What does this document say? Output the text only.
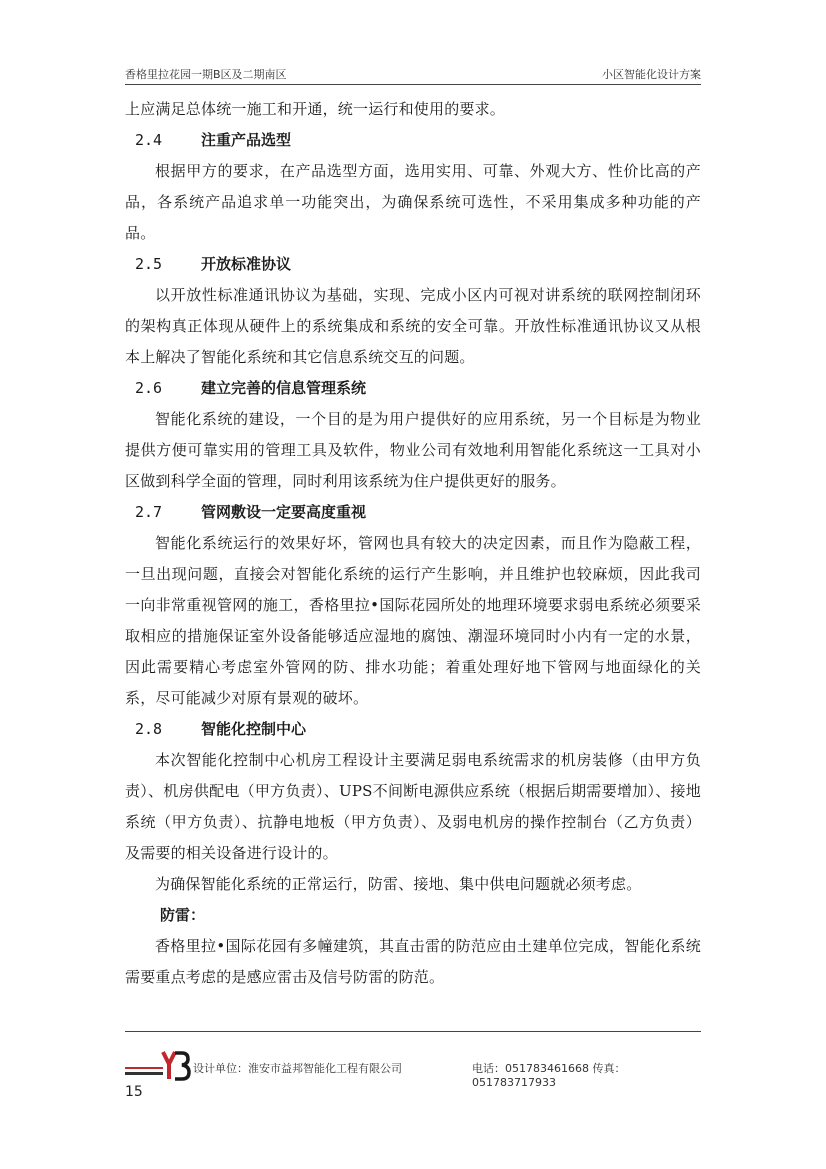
香格里拉花园一期B区及二期南区	小区智能化设计方案

上应满足总体统一施工和开通，统一运行和使用的要求。

2.4	注重产品选型

根据甲方的要求，在产品选型方面，选用实用、可靠、外观大方、性价比高的产品，各系统产品追求单一功能突出，为确保系统可选性，不采用集成多种功能的产品。

2.5	开放标准协议

以开放性标准通讯协议为基础，实现、完成小区内可视对讲系统的联网控制闭环的架构真正体现从硬件上的系统集成和系统的安全可靠。开放性标准通讯协议又从根本上解决了智能化系统和其它信息系统交互的问题。

2.6	建立完善的信息管理系统

智能化系统的建设，一个目的是为用户提供好的应用系统，另一个目标是为物业提供方便可靠实用的管理工具及软件，物业公司有效地利用智能化系统这一工具对小区做到科学全面的管理，同时利用该系统为住户提供更好的服务。

2.7	管网敷设一定要高度重视

智能化系统运行的效果好坏，管网也具有较大的决定因素，而且作为隐蔽工程，一旦出现问题，直接会对智能化系统的运行产生影响，并且维护也较麻烦，因此我司一向非常重视管网的施工，香格里拉•国际花园所处的地理环境要求弱电系统必须要采取相应的措施保证室外设备能够适应湿地的腐蚀、潮湿环境同时小内有一定的水景，因此需要精心考虑室外管网的防、排水功能；着重处理好地下管网与地面绿化的关系，尽可能减少对原有景观的破坏。

2.8	智能化控制中心

本次智能化控制中心机房工程设计主要满足弱电系统需求的机房装修（由甲方负责）、机房供配电（甲方负责）、UPS不间断电源供应系统（根据后期需要增加）、接地系统（甲方负责）、抗静电地板（甲方负责）、及弱电机房的操作控制台（乙方负责）及需要的相关设备进行设计的。

为确保智能化系统的正常运行，防雷、接地、集中供电问题就必须考虑。

防雷：

香格里拉•国际花园有多幢建筑，其直击雷的防范应由土建单位完成，智能化系统需要重点考虑的是感应雷击及信号防雷的防范。

设计单位：淮安市益邦智能化工程有限公司	电话：051783461668 传真：051783717933
15
